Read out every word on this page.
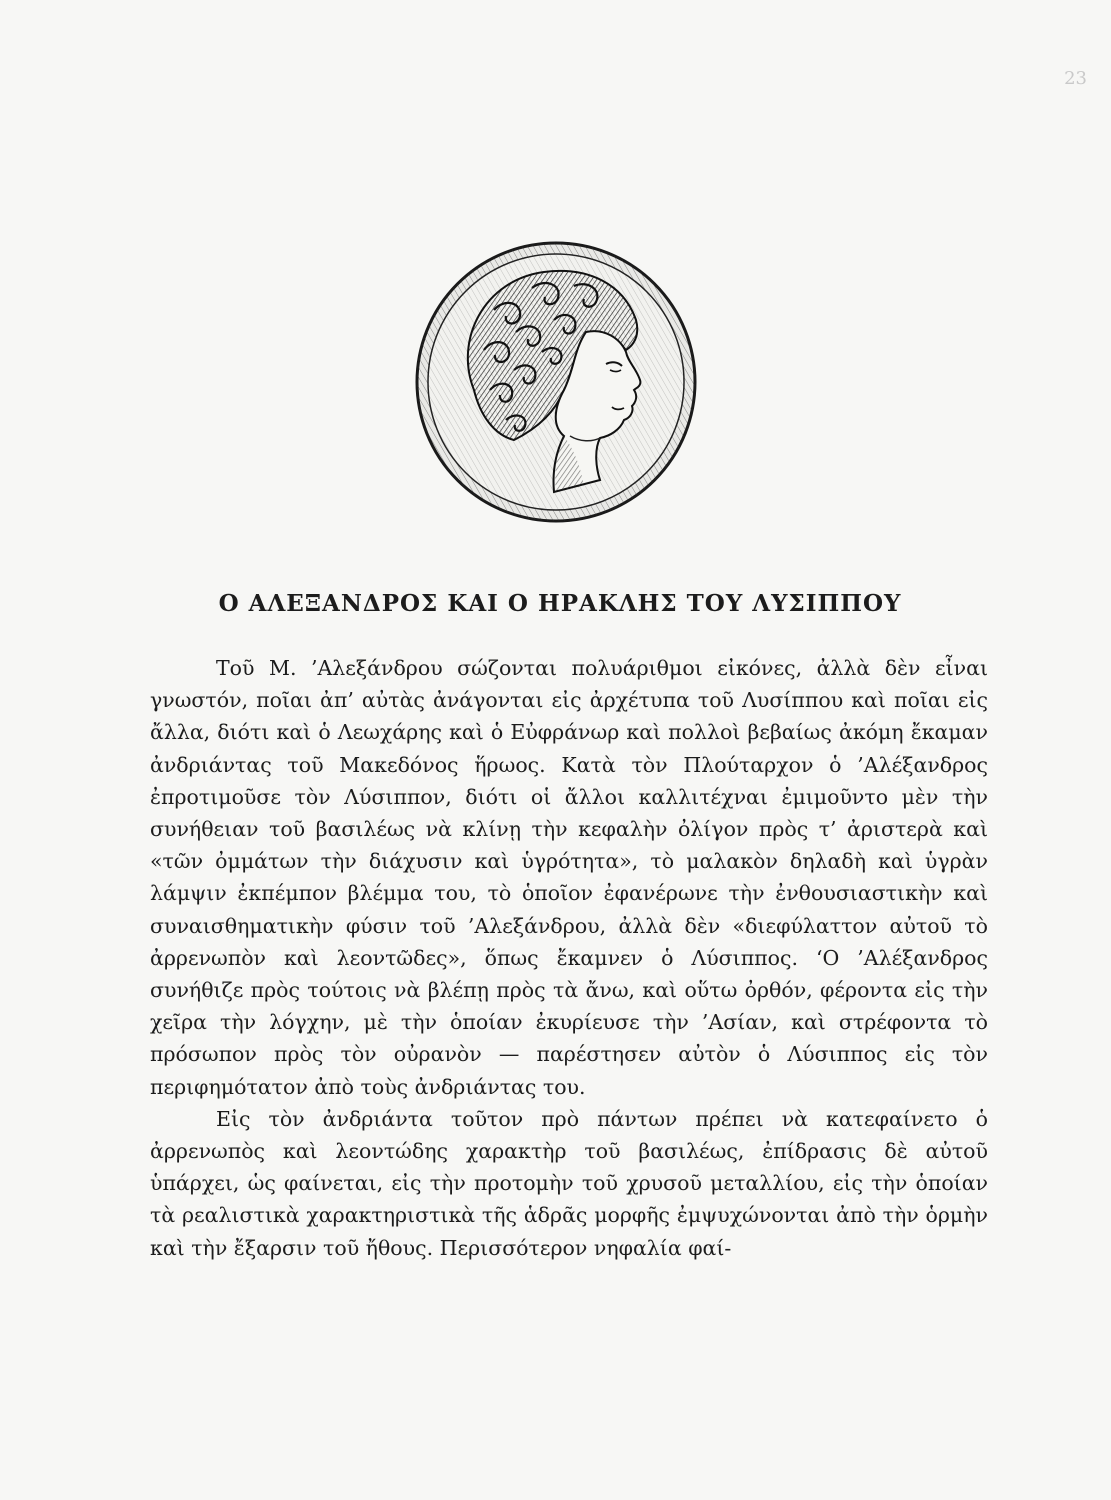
23
Ο ΑΛΕΞΑΝΔΡΟΣ ΚΑΙ Ο ΗΡΑΚΛΗΣ ΤΟΥ ΛΥΣΙΠΠΟΥ

Τοῦ Μ. ’Αλεξάνδρου σώζονται πολυάριθμοι εἰκόνες, ἀλλὰ δὲν εἶναι γνωστόν, ποῖαι ἀπ’ αὐτὰς ἀνάγονται εἰς ἀρχέτυπα τοῦ Λυσίππου καὶ ποῖαι εἰς ἄλλα, διότι καὶ ὁ Λεωχάρης καὶ ὁ Εὐφράνωρ καὶ πολλοὶ βεβαίως ἀκόμη ἔκαμαν ἀνδριάντας τοῦ Μακεδόνος ἥρωος. Κατὰ τὸν Πλούταρχον ὁ ’Αλέξανδρος ἐπροτιμοῦσε τὸν Λύσιππον, διότι οἱ ἄλλοι καλλιτέχναι ἐμιμοῦντο μὲν τὴν συνήθειαν τοῦ βασιλέως νὰ κλίνῃ τὴν κεφαλὴν ὀλίγον πρὸς τ’ ἀριστερὰ καὶ «τῶν ὀμμάτων τὴν διάχυσιν καὶ ὑγρότητα», τὸ μαλακὸν δηλαδὴ καὶ ὑγρὰν λάμψιν ἐκπέμπον βλέμμα του, τὸ ὁποῖον ἐφανέρωνε τὴν ἐνθουσιαστικὴν καὶ συναισθηματικὴν φύσιν τοῦ ’Αλεξάνδρου, ἀλλὰ δὲν «διεφύλαττον αὐτοῦ τὸ ἀρρενωπὸν καὶ λεοντῶδες», ὅπως ἔκαμνεν ὁ Λύσιππος. ‘Ο ’Αλέξανδρος συνήθιζε πρὸς τούτοις νὰ βλέπῃ πρὸς τὰ ἄνω, καὶ οὕτω ὀρθόν, φέροντα εἰς τὴν χεῖρα τὴν λόγχην, μὲ τὴν ὁποίαν ἐκυρίευσε τὴν ’Ασίαν, καὶ στρέφοντα τὸ πρόσωπον πρὸς τὸν οὐρανὸν — παρέστησεν αὐτὸν ὁ Λύσιππος εἰς τὸν περιφημότατον ἀπὸ τοὺς ἀνδριάντας του.

Εἰς τὸν ἀνδριάντα τοῦτον πρὸ πάντων πρέπει νὰ κατεφαίνετο ὁ ἀρρενωπὸς καὶ λεοντώδης χαρακτὴρ τοῦ βασιλέως, ἐπίδρασις δὲ αὐτοῦ ὑπάρχει, ὡς φαίνεται, εἰς τὴν προτομὴν τοῦ χρυσοῦ μεταλλίου, εἰς τὴν ὁποίαν τὰ ρεαλιστικὰ χαρακτηριστικὰ τῆς ἁδρᾶς μορφῆς ἐμψυχώνονται ἀπὸ τὴν ὁρμὴν καὶ τὴν ἔξαρσιν τοῦ ἤθους. Περισσότερον νηφαλία φαί-
